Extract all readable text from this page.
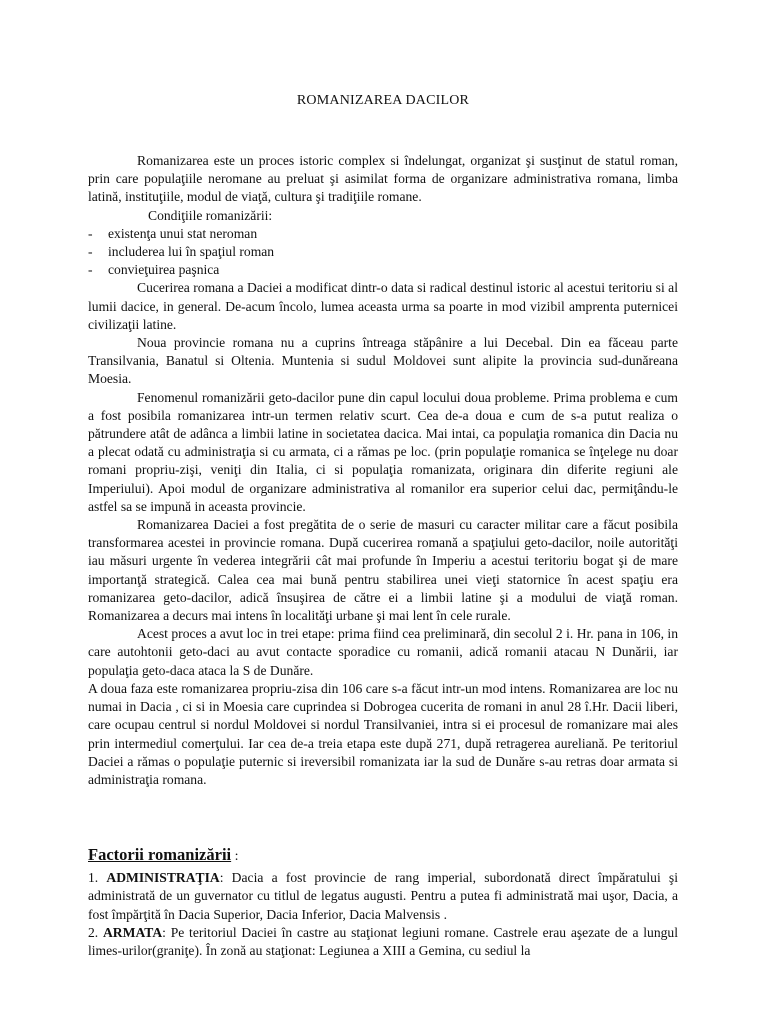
ROMANIZAREA DACILOR

Romanizarea este un proces istoric complex si îndelungat, organizat şi susţinut de statul roman, prin care populaţiile neromane au preluat şi asimilat forma de organizare administrativa romana, limba latină, instituţiile, modul de viaţă, cultura şi tradiţiile romane.

Condiţiile romanizării:

-	existenţa unui stat neroman
-	includerea lui în spaţiul roman
-	convieţuirea paşnica

Cucerirea romana a Daciei a modificat dintr-o data si radical destinul istoric al acestui teritoriu si al lumii dacice, in general. De-acum încolo, lumea aceasta urma sa poarte in mod vizibil amprenta puternicei civilizaţii latine.

Noua provincie romana nu a cuprins întreaga stăpânire a lui Decebal. Din ea făceau parte Transilvania, Banatul si Oltenia. Muntenia si sudul Moldovei sunt alipite la provincia sud-dunăreana Moesia.

Fenomenul romanizării geto-dacilor pune din capul locului doua probleme. Prima problema e cum a fost posibila romanizarea intr-un termen relativ scurt. Cea de-a doua e cum de s-a putut realiza o pătrundere atât de adânca a limbii latine in societatea dacica. Mai intai, ca populaţia romanica din Dacia nu a plecat odată cu administraţia si cu armata, ci a rămas pe loc. (prin populaţie romanica se înţelege nu doar romani propriu-zişi, veniţi din Italia, ci si populaţia romanizata, originara din diferite regiuni ale Imperiului). Apoi modul de organizare administrativa al romanilor era superior celui dac, permiţându-le astfel sa se impună in aceasta provincie.

Romanizarea Daciei a fost pregătita de o serie de masuri cu caracter militar care a făcut posibila transformarea acestei in provincie romana. După cucerirea romană a spaţiului geto-dacilor, noile autorităţi iau măsuri urgente în vederea integrării cât mai profunde în Imperiu a acestui teritoriu bogat şi de mare importanţă strategică. Calea cea mai bună pentru stabilirea unei vieţi statornice în acest spaţiu era romanizarea geto-dacilor, adică însuşirea de către ei a limbii latine şi a modului de viaţă roman. Romanizarea a decurs mai intens în localităţi urbane şi mai lent în cele rurale.

Acest proces a avut loc in trei etape: prima fiind cea preliminară, din secolul 2 i. Hr. pana in 106, in care autohtonii geto-daci au avut contacte sporadice cu romanii, adică romanii atacau N Dunării, iar populaţia geto-daca ataca la S de Dunăre.

A doua faza este romanizarea propriu-zisa din 106 care s-a făcut intr-un mod intens. Romanizarea are loc nu numai in Dacia , ci si in Moesia care cuprindea si Dobrogea cucerita de romani in anul 28 î.Hr. Dacii liberi, care ocupau centrul si nordul Moldovei si nordul Transilvaniei, intra si ei procesul de romanizare mai ales prin intermediul comerţului. Iar cea de-a treia etapa este după 271, după retragerea aureliană. Pe teritoriul Daciei a rămas o populaţie puternic si ireversibil romanizata iar la sud de Dunăre s-au retras doar armata si administraţia romana.

Factorii romanizării :

1. ADMINISTRAŢIA: Dacia a fost provincie de rang imperial, subordonată direct împăratului şi administrată de un guvernator cu titlul de legatus augusti. Pentru a putea fi administrată mai uşor, Dacia, a fost împărţită în Dacia Superior, Dacia Inferior, Dacia Malvensis .

2. ARMATA: Pe teritoriul Daciei în castre au staţionat legiuni romane. Castrele erau aşezate de a lungul limes-urilor(graniţe). În zonă au staţionat: Legiunea a XIII a Gemina, cu sediul la
